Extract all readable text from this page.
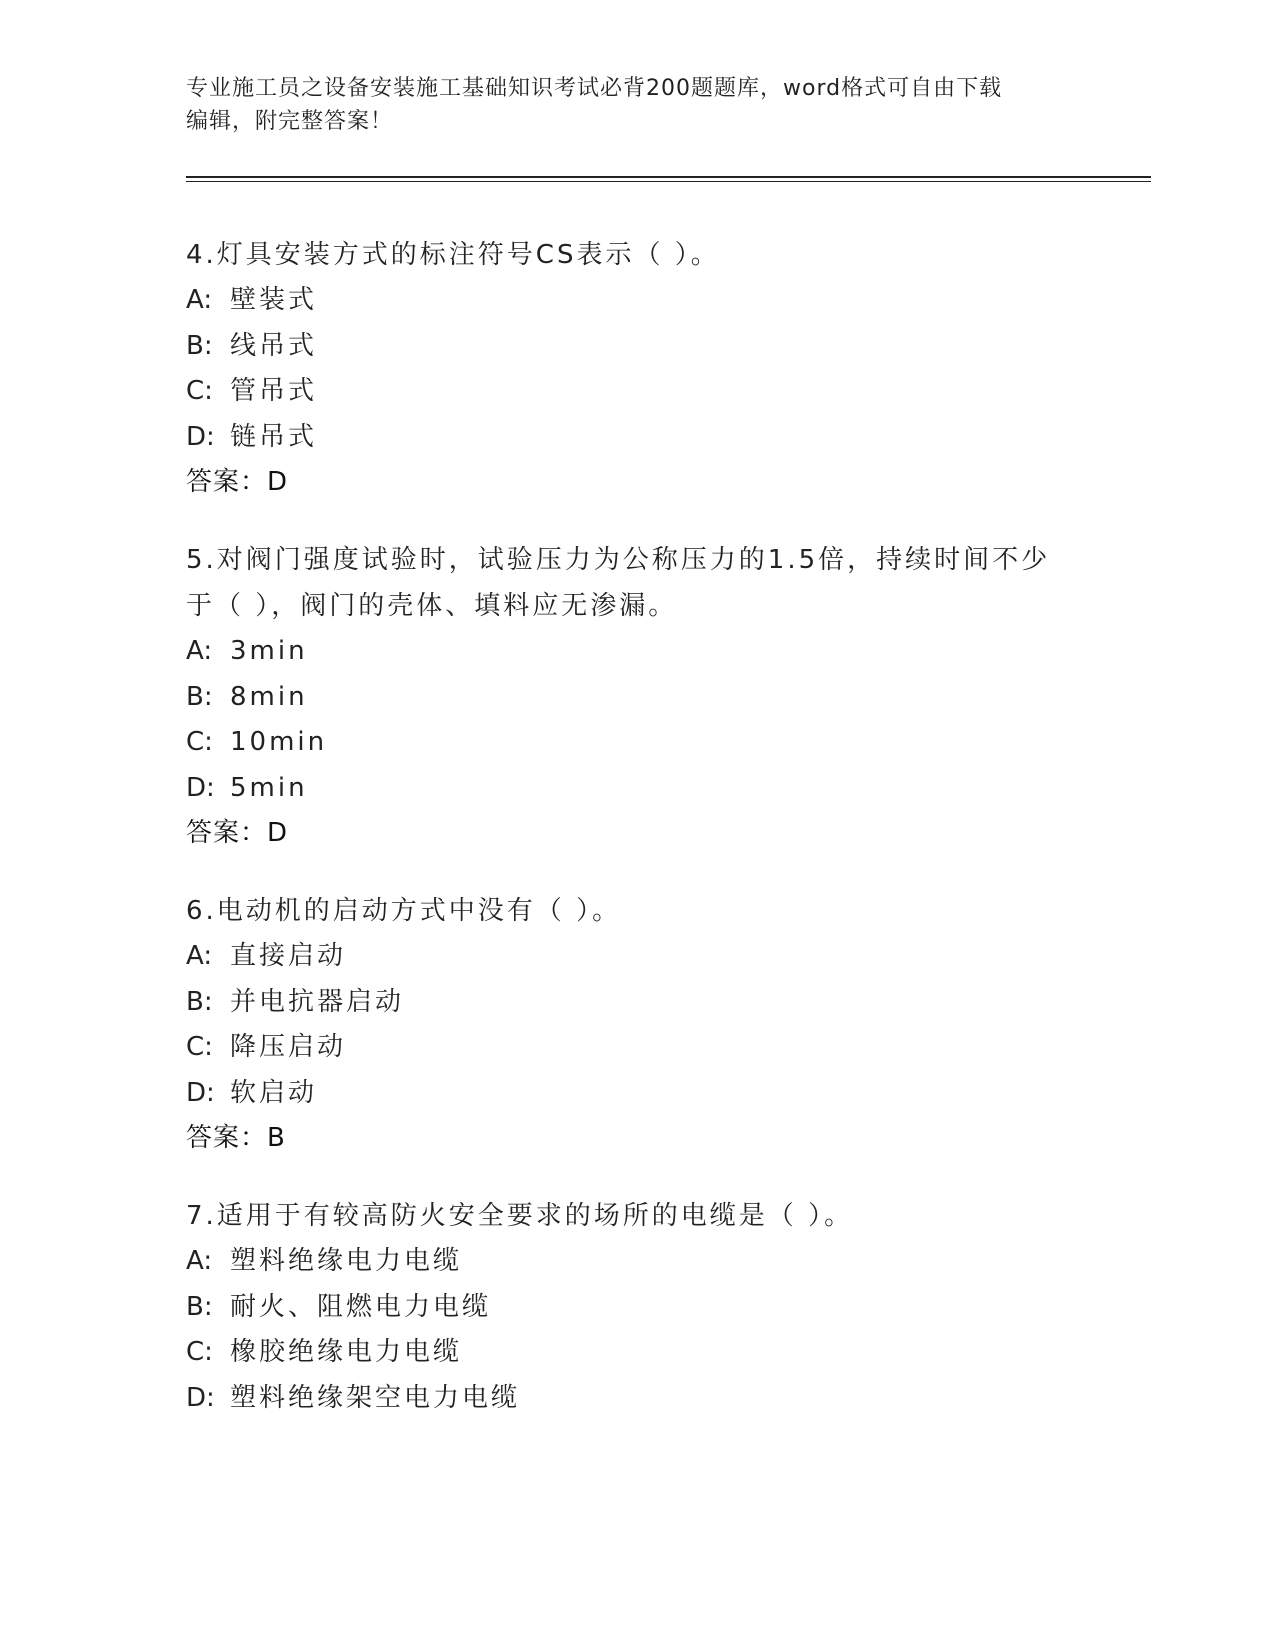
专业施工员之设备安装施工基础知识考试必背200题题库，word格式可自由下载
编辑，附完整答案！

4.灯具安装方式的标注符号CS表示（ ）。

A: 壁装式

B: 线吊式

C: 管吊式

D: 链吊式

答案：D

5.对阀门强度试验时，试验压力为公称压力的1.5倍，持续时间不少

于（ ），阀门的壳体、填料应无渗漏。

A: 3min

B: 8min

C: 10min

D: 5min

答案：D

6.电动机的启动方式中没有（ ）。

A: 直接启动

B: 并电抗器启动

C: 降压启动

D: 软启动

答案：B

7.适用于有较高防火安全要求的场所的电缆是（ ）。

A: 塑料绝缘电力电缆

B: 耐火、阻燃电力电缆

C: 橡胶绝缘电力电缆

D: 塑料绝缘架空电力电缆
